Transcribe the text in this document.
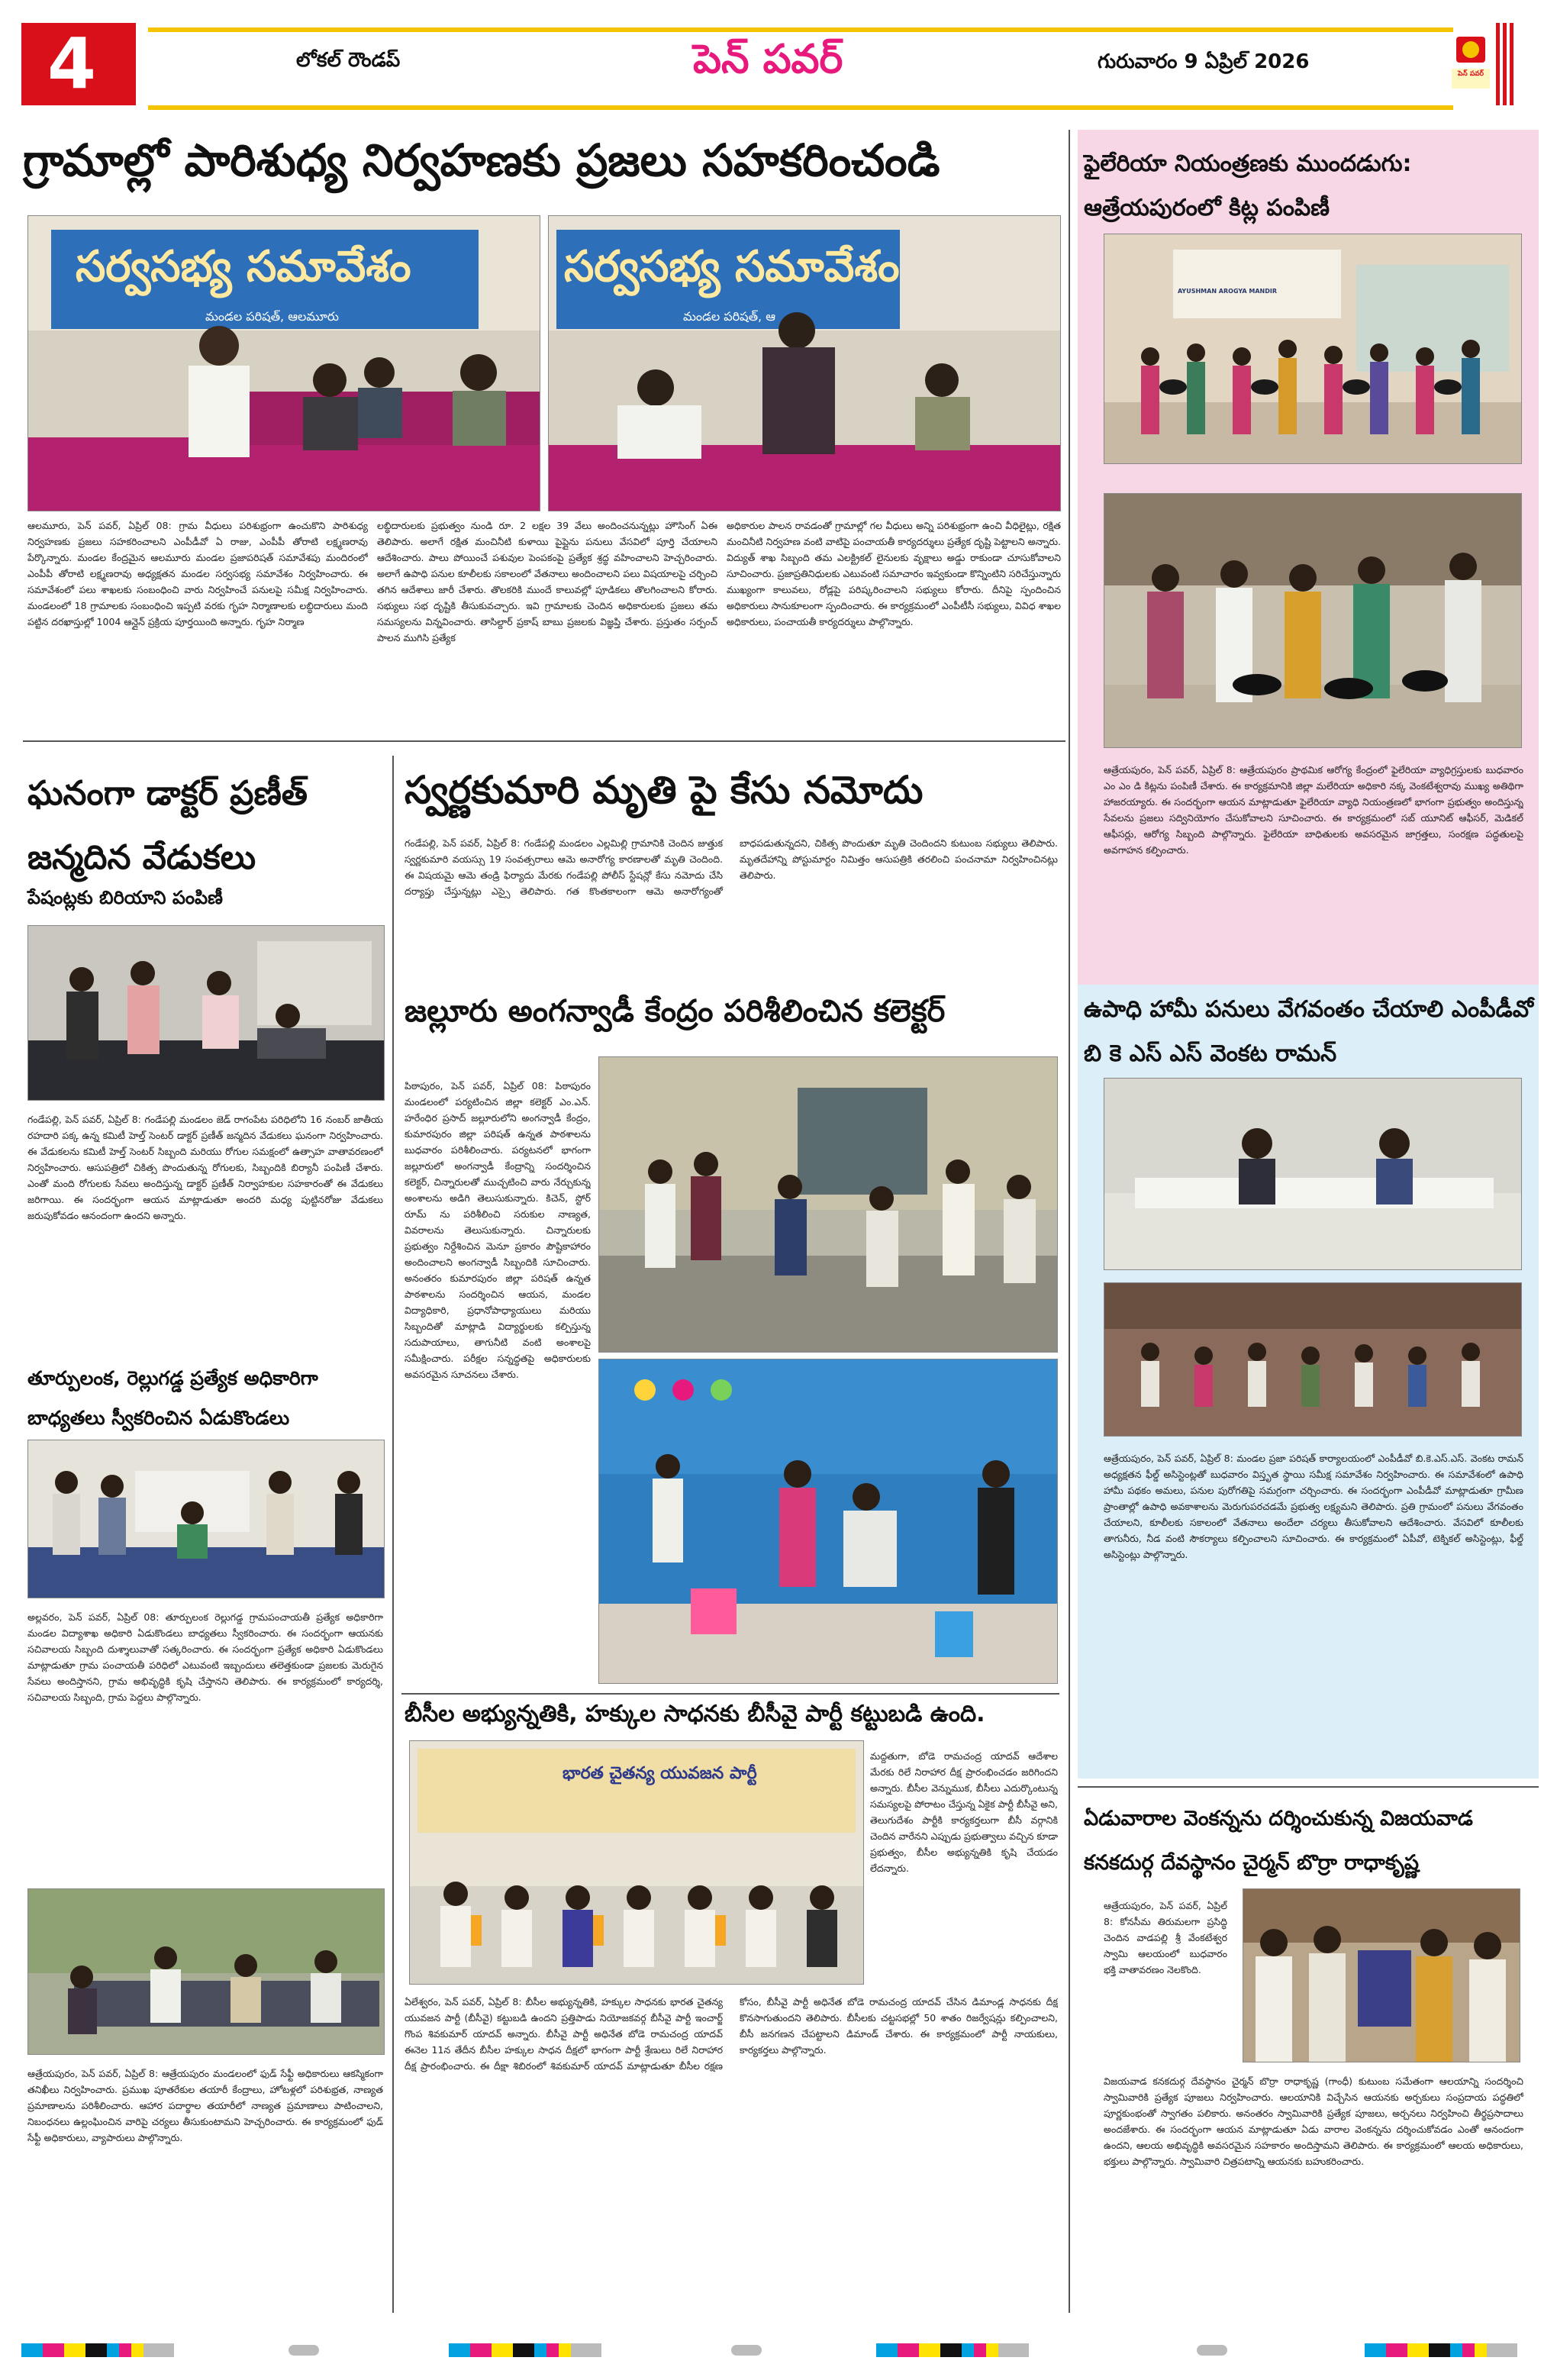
4	లోకల్ రౌండప్	పెన్ పవర్	గురువారం 9 ఏప్రిల్ 2026
పెన్ పవర్
గ్రామాల్లో పారిశుధ్య నిర్వహణకు ప్రజలు సహకరించండి
సర్వసభ్య సమావేశం
మండల పరిషత్, ఆలమూరు
సర్వసభ్య సమావేశం
మండల పరిషత్, ఆ

ఆలమూరు, పెన్ పవర్, ఏప్రిల్ 08: గ్రామ వీధులు పరిశుభ్రంగా ఉంచుకొని పారిశుధ్య నిర్వహణకు ప్రజలు సహకరించాలని ఎంపీడీవో ఏ రాజు, ఎంపీపీ తోరాటి లక్ష్మణరావు పేర్కొన్నారు. మండల కేంద్రమైన ఆలమూరు మండల ప్రజాపరిషత్ సమావేశపు మందిరంలో ఎంపీపీ తోరాటి లక్ష్మణరావు అధ్యక్షతన మండల సర్వసభ్య సమావేశం నిర్వహించారు. ఈ సమావేశంలో పలు శాఖలకు సంబంధించి వారు నిర్వహించే పనులపై సమీక్ష నిర్వహించారు. మండలంలో 18 గ్రామాలకు సంబంధించి ఇప్పటి వరకు గృహ నిర్మాణాలకు లబ్ధిదారులు మంది పట్టిన దరఖాస్తుల్లో 1004 ఆన్లైన్ ప్రక్రియ పూర్తయింది అన్నారు. గృహ నిర్మాణ

లబ్ధిదారులకు ప్రభుత్వం నుండి రూ. 2 లక్షల 39 వేలు అందించనున్నట్లు హౌసింగ్ ఏఈ తెలిపారు. అలాగే రక్షిత మంచినీటి కుళాయి పైప్లైను పనులు వేసవిలో పూర్తి చేయాలని ఆదేశించారు. పాలు పోయించే పశువుల పెంపకంపై ప్రత్యేక శ్రద్ధ వహించాలని హెచ్చరించారు. అలాగే ఉపాధి పనుల కూలీలకు సకాలంలో వేతనాలు అందించాలని పలు విషయాలపై చర్చించి తగిన ఆదేశాలు జారీ చేశారు. తొలకరికి ముందే కాలువల్లో పూడికలు తొలగించాలని కోరారు. సభ్యులు సభ దృష్టికి తీసుకువచ్చారు. ఇవి గ్రామాలకు చెందిన అధికారులకు ప్రజలు తమ సమస్యలను విన్నవించారు. తాసిల్దార్ ప్రకాష్ బాబు ప్రజలకు విజ్ఞప్తి చేశారు. ప్రస్తుతం సర్పంచ్ పాలన ముగిసి ప్రత్యేక

అధికారుల పాలన రావడంతో గ్రామాల్లో గల వీధులు అన్ని పరిశుభ్రంగా ఉంచి వీధిలైట్లు, రక్షిత మంచినీటి నిర్వహణ వంటి వాటిపై పంచాయతీ కార్యదర్శులు ప్రత్యేక దృష్టి పెట్టాలని అన్నారు. విద్యుత్ శాఖ సిబ్బంది తమ ఎలక్ట్రికల్ లైనులకు వృక్షాలు అడ్డు రాకుండా చూసుకోవాలని సూచించారు. ప్రజాప్రతినిధులకు ఎటువంటి సమాచారం ఇవ్వకుండా కొన్నింటిని సరిచేస్తున్నారు ముఖ్యంగా కాలువలు, రోడ్లపై పరిష్కరించాలని సభ్యులు కోరారు. దీనిపై స్పందించిన అధికారులు సానుకూలంగా స్పందించారు. ఈ కార్యక్రమంలో ఎంపీటీసీ సభ్యులు, వివిధ శాఖల అధికారులు, పంచాయతీ కార్యదర్శులు పాల్గొన్నారు.

ఘనంగా డాక్టర్ ప్రణీత్ జన్మదిన వేడుకలు
పేషంట్లకు బిరియాని పంపిణీ

గండేపల్లి, పెన్ పవర్, ఏప్రిల్ 8: గండేపల్లి మండలం జెడ్ రాగంపేట పరిధిలోని 16 నంబర్ జాతీయ రహదారి పక్క ఉన్న కమిటీ హెల్త్ సెంటర్ డాక్టర్ ప్రణీత్ జన్మదిన వేడుకలు ఘనంగా నిర్వహించారు. ఈ వేడుకలను కమిటీ హెల్త్ సెంటర్ సిబ్బంది మరియు రోగుల సమక్షంలో ఉత్సాహ వాతావరణంలో నిర్వహించారు. ఆసుపత్రిలో చికిత్స పొందుతున్న రోగులకు, సిబ్బందికి బిర్యానీ పంపిణీ చేశారు. ఎంతో మంది రోగులకు సేవలు అందిస్తున్న డాక్టర్ ప్రణీత్ నిర్వాహకుల సహకారంతో ఈ వేడుకలు జరిగాయి. ఈ సందర్భంగా ఆయన మాట్లాడుతూ అందరి మధ్య పుట్టినరోజు వేడుకలు జరుపుకోవడం ఆనందంగా ఉందని అన్నారు.

తూర్పులంక, రెల్లుగడ్డ ప్రత్యేక అధికారిగా బాధ్యతలు స్వీకరించిన ఏడుకొండలు

అల్లవరం, పెన్ పవర్, ఏప్రిల్ 08: తూర్పులంక రెల్లుగడ్డ గ్రామపంచాయతీ ప్రత్యేక అధికారిగా మండల విద్యాశాఖ అధికారి ఏడుకొండలు బాధ్యతలు స్వీకరించారు. ఈ సందర్భంగా ఆయనకు సచివాలయ సిబ్బంది దుశ్శాలువాతో సత్కరించారు. ఈ సందర్భంగా ప్రత్యేక అధికారి ఏడుకొండలు మాట్లాడుతూ గ్రామ పంచాయతీ పరిధిలో ఎటువంటి ఇబ్బందులు తలెత్తకుండా ప్రజలకు మెరుగైన సేవలు అందిస్తానని, గ్రామ అభివృద్ధికి కృషి చేస్తానని తెలిపారు. ఈ కార్యక్రమంలో కార్యదర్శి, సచివాలయ సిబ్బంది, గ్రామ పెద్దలు పాల్గొన్నారు.

ఆత్రేయపురం, పెన్ పవర్, ఏప్రిల్ 8: ఆత్రేయపురం మండలంలో ఫుడ్ సేఫ్టీ అధికారులు ఆకస్మికంగా తనిఖీలు నిర్వహించారు. ప్రముఖ పూతరేకుల తయారీ కేంద్రాలు, హోటళ్లలో పరిశుభ్రత, నాణ్యత ప్రమాణాలను పరిశీలించారు. ఆహార పదార్థాల తయారీలో నాణ్యత ప్రమాణాలు పాటించాలని, నిబంధనలు ఉల్లంఘించిన వారిపై చర్యలు తీసుకుంటామని హెచ్చరించారు. ఈ కార్యక్రమంలో ఫుడ్ సేఫ్టీ అధికారులు, వ్యాపారులు పాల్గొన్నారు.

స్వర్ణకుమారి మృతి పై కేసు నమోదు

గండేపల్లి, పెన్ పవర్, ఏప్రిల్ 8: గండేపల్లి మండలం ఎల్లమిల్లి గ్రామానికి చెందిన జుత్తుక స్వర్ణకుమారి వయస్సు 19 సంవత్సరాలు ఆమె అనారోగ్య కారణాలతో మృతి చెందింది. ఈ విషయమై ఆమె తండ్రి ఫిర్యాదు మేరకు గండేపల్లి పోలీస్ స్టేషన్లో కేసు నమోదు చేసి దర్యాప్తు చేస్తున్నట్లు ఎస్సై తెలిపారు. గత కొంతకాలంగా ఆమె అనారోగ్యంతో బాధపడుతున్నదని, చికిత్స పొందుతూ మృతి చెందిందని కుటుంబ సభ్యులు తెలిపారు. మృతదేహాన్ని పోస్టుమార్టం నిమిత్తం ఆసుపత్రికి తరలించి పంచనామా నిర్వహించినట్లు తెలిపారు.

జల్లూరు అంగన్వాడీ కేంద్రం పరిశీలించిన కలెక్టర్

పిఠాపురం, పెన్ పవర్, ఏప్రిల్ 08: పిఠాపురం మండలంలో పర్యటించిన జిల్లా కలెక్టర్ ఎం.ఎన్. హరేంధిర ప్రసాద్ జల్లూరులోని అంగన్వాడీ కేంద్రం, కుమారపురం జిల్లా పరిషత్ ఉన్నత పాఠశాలను బుధవారం పరిశీలించారు. పర్యటనలో భాగంగా జల్లూరులో అంగన్వాడీ కేంద్రాన్ని సందర్శించిన కలెక్టర్, చిన్నారులతో ముచ్చటించి వారు నేర్చుకున్న అంశాలను అడిగి తెలుసుకున్నారు. కిచెన్, స్టోర్ రూమ్ ను పరిశీలించి సరుకుల నాణ్యత, వివరాలను తెలుసుకున్నారు. చిన్నారులకు ప్రభుత్వం నిర్దేశించిన మెనూ ప్రకారం పౌష్టికాహారం అందించాలని అంగన్వాడీ సిబ్బందికి సూచించారు. అనంతరం కుమారపురం జిల్లా పరిషత్ ఉన్నత పాఠశాలను సందర్శించిన ఆయన, మండల విద్యాధికారి, ప్రధానోపాధ్యాయులు మరియు సిబ్బందితో మాట్లాడి విద్యార్థులకు కల్పిస్తున్న సదుపాయాలు, తాగునీటి వంటి అంశాలపై సమీక్షించారు. పరీక్షల సన్నద్ధతపై అధికారులకు అవసరమైన సూచనలు చేశారు.

బీసీల అభ్యున్నతికి, హక్కుల సాధనకు బీసీవై పార్టీ కట్టుబడి ఉంది.
భారత చైతన్య యువజన పార్టీ

మద్దతుగా, బోడె రామచంద్ర యాదవ్ ఆదేశాల మేరకు రిలే నిరాహార దీక్ష ప్రారంభించడం జరిగిందని అన్నారు. బీసీల వెన్నుముక, బీసీలు ఎదుర్కొంటున్న సమస్యలపై పోరాటం చేస్తున్న ఏకైక పార్టీ బీసీవై అని, తెలుగుదేశం పార్టీకి కార్యకర్తలుగా బీసీ వర్గానికి చెందిన వారేనని ఎప్పుడు ప్రభుత్వాలు వచ్చిన కూడా ప్రభుత్వం, బీసీల అభ్యున్నతికి కృషి చేయడం లేదన్నారు.

ఏలేశ్వరం, పెన్ పవర్, ఏప్రిల్ 8: బీసీల అభ్యున్నతికి, హక్కుల సాధనకు భారత చైతన్య యువజన పార్టీ (బీసీవై) కట్టుబడి ఉందని ప్రత్తిపాడు నియోజకవర్గ బీసీవై పార్టీ ఇంచార్జ్ గొంప శివకుమార్ యాదవ్ అన్నారు. బీసీవై పార్టీ అధినేత బోడె రామచంద్ర యాదవ్ ఈనెల 11న తేదీన బీసీల హక్కుల సాధన దీక్షలో భాగంగా పార్టీ శ్రేణులు రిలే నిరాహార దీక్ష ప్రారంభించారు. ఈ దీక్షా శిబిరంలో శివకుమార్ యాదవ్ మాట్లాడుతూ బీసీల రక్షణ కోసం, బీసీవై పార్టీ అధినేత బోడె రామచంద్ర యాదవ్ చేసిన డిమాండ్ల సాధనకు దీక్ష కొనసాగుతుందని తెలిపారు. బీసీలకు చట్టసభల్లో 50 శాతం రిజర్వేషన్లు కల్పించాలని, బీసీ జనగణన చేపట్టాలని డిమాండ్ చేశారు. ఈ కార్యక్రమంలో పార్టీ నాయకులు, కార్యకర్తలు పాల్గొన్నారు.

ఫైలేరియా నియంత్రణకు ముందడుగు: ఆత్రేయపురంలో కిట్ల పంపిణీ
AYUSHMAN AROGYA MANDIR

ఆత్రేయపురం, పెన్ పవర్, ఏప్రిల్ 8: ఆత్రేయపురం ప్రాథమిక ఆరోగ్య కేంద్రంలో ఫైలేరియా వ్యాధిగ్రస్తులకు బుధవారం ఎం ఎం డి కిట్లను పంపిణీ చేశారు. ఈ కార్యక్రమానికి జిల్లా మలేరియా అధికారి నక్క వెంకటేశ్వరావు ముఖ్య అతిథిగా హాజరయ్యారు. ఈ సందర్భంగా ఆయన మాట్లాడుతూ ఫైలేరియా వ్యాధి నియంత్రణలో భాగంగా ప్రభుత్వం అందిస్తున్న సేవలను ప్రజలు సద్వినియోగం చేసుకోవాలని సూచించారు. ఈ కార్యక్రమంలో సబ్ యూనిట్ ఆఫీసర్, మెడికల్ ఆఫీసర్లు, ఆరోగ్య సిబ్బంది పాల్గొన్నారు. ఫైలేరియా బాధితులకు అవసరమైన జాగ్రత్తలు, సంరక్షణ పద్ధతులపై అవగాహన కల్పించారు.

ఉపాధి హామీ పనులు వేగవంతం చేయాలి ఎంపీడీవో బి కె ఎస్ ఎస్ వెంకట రామన్

ఆత్రేయపురం, పెన్ పవర్, ఏప్రిల్ 8: మండల ప్రజా పరిషత్ కార్యాలయంలో ఎంపీడీవో బి.కె.ఎస్.ఎస్. వెంకట రామన్ అధ్యక్షతన ఫీల్డ్ అసిస్టెంట్లతో బుధవారం విస్తృత స్థాయి సమీక్ష సమావేశం నిర్వహించారు. ఈ సమావేశంలో ఉపాధి హామీ పథకం అమలు, పనుల పురోగతిపై సమగ్రంగా చర్చించారు. ఈ సందర్భంగా ఎంపీడీవో మాట్లాడుతూ గ్రామీణ ప్రాంతాల్లో ఉపాధి అవకాశాలను మెరుగుపరచడమే ప్రభుత్వ లక్ష్యమని తెలిపారు. ప్రతి గ్రామంలో పనులు వేగవంతం చేయాలని, కూలీలకు సకాలంలో వేతనాలు అందేలా చర్యలు తీసుకోవాలని ఆదేశించారు. వేసవిలో కూలీలకు తాగునీరు, నీడ వంటి సౌకర్యాలు కల్పించాలని సూచించారు. ఈ కార్యక్రమంలో ఏపీవో, టెక్నికల్ అసిస్టెంట్లు, ఫీల్డ్ అసిస్టెంట్లు పాల్గొన్నారు.

ఏడువారాల వెంకన్నను దర్శించుకున్న విజయవాడ కనకదుర్గ దేవస్థానం చైర్మన్ బొర్రా రాధాకృష్ణ

ఆత్రేయపురం, పెన్ పవర్, ఏప్రిల్ 8: కోనసీమ తిరుమలగా ప్రసిద్ధి చెందిన వాడపల్లి శ్రీ వేంకటేశ్వర స్వామి ఆలయంలో బుధవారం భక్తి వాతావరణం నెలకొంది.

విజయవాడ కనకదుర్గ దేవస్థానం చైర్మన్ బొర్రా రాధాకృష్ణ (గాంధీ) కుటుంబ సమేతంగా ఆలయాన్ని సందర్శించి స్వామివారికి ప్రత్యేక పూజలు నిర్వహించారు. ఆలయానికి విచ్చేసిన ఆయనకు అర్చకులు సంప్రదాయ పద్ధతిలో పూర్ణకుంభంతో స్వాగతం పలికారు. అనంతరం స్వామివారికి ప్రత్యేక పూజలు, అర్చనలు నిర్వహించి తీర్థప్రసాదాలు అందజేశారు. ఈ సందర్భంగా ఆయన మాట్లాడుతూ ఏడు వారాల వెంకన్నను దర్శించుకోవడం ఎంతో ఆనందంగా ఉందని, ఆలయ అభివృద్ధికి అవసరమైన సహకారం అందిస్తామని తెలిపారు. ఈ కార్యక్రమంలో ఆలయ అధికారులు, భక్తులు పాల్గొన్నారు. స్వామివారి చిత్రపటాన్ని ఆయనకు బహుకరించారు.
